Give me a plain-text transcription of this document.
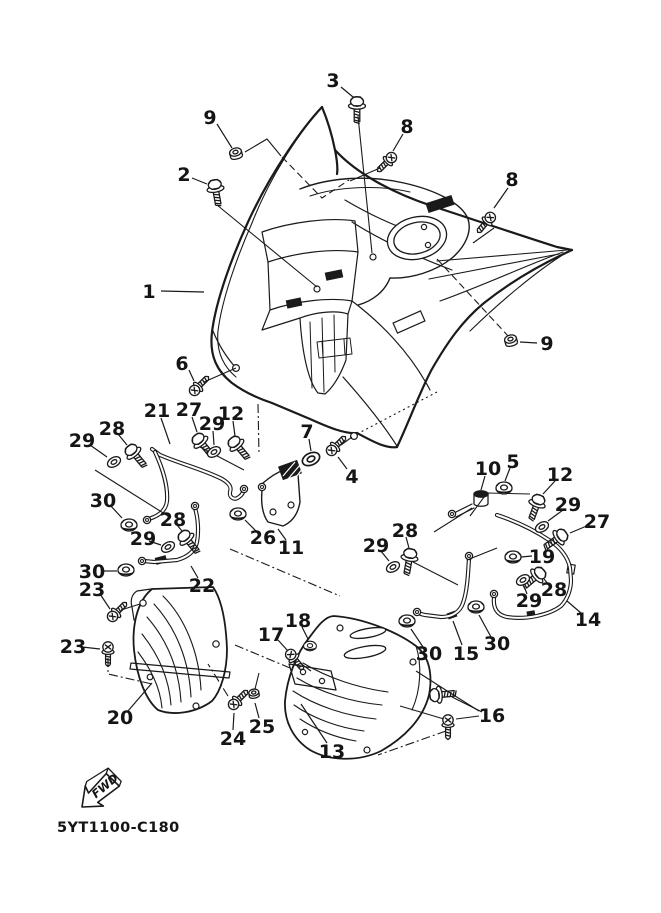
1
2
3
4
5
6
7
8
8
9
9
10
11
12
12
13
14
15
16
17
18
19
20
21
22
23
23
24
25
26
27
27
28
28	28
28
29
29
29	29
29
29
30
30
30 30
FWD
5YT1100-C180
